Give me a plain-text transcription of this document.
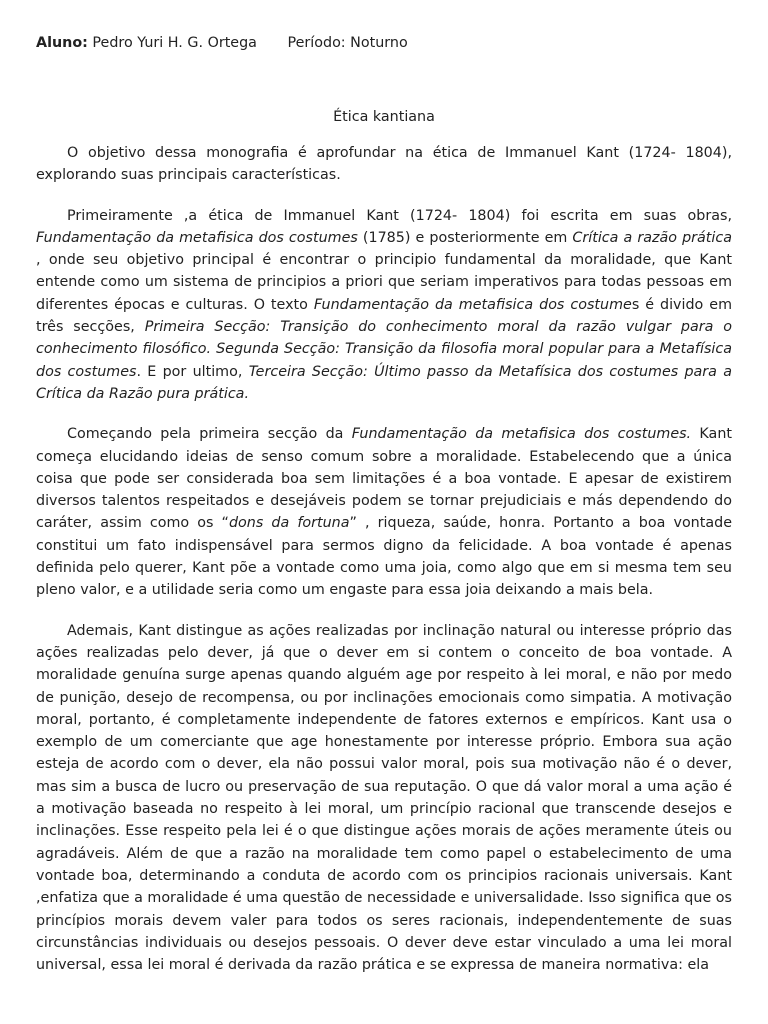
Aluno: Pedro Yuri H. G. Ortega Período: Noturno
Ética kantiana

O objetivo dessa monografia é aprofundar na ética de Immanuel Kant (1724- 1804), explorando suas principais características.

Primeiramente ,a ética de Immanuel Kant (1724- 1804) foi escrita em suas obras, Fundamentação da metafisica dos costumes (1785) e posteriormente em Crítica a razão prática , onde seu objetivo principal é encontrar o principio fundamental da moralidade, que Kant entende como um sistema de principios a priori que seriam imperativos para todas pessoas em diferentes épocas e culturas. O texto Fundamentação da metafisica dos costumes é divido em três secções, Primeira Secção: Transição do conhecimento moral da razão vulgar para o conhecimento filosófico. Segunda Secção: Transição da filosofia moral popular para a Metafísica dos costumes. E por ultimo, Terceira Secção: Último passo da Metafísica dos costumes para a Crítica da Razão pura prática.

Começando pela primeira secção da Fundamentação da metafisica dos costumes. Kant começa elucidando ideias de senso comum sobre a moralidade. Estabelecendo que a única coisa que pode ser considerada boa sem limitações é a boa vontade. E apesar de existirem diversos talentos respeitados e desejáveis podem se tornar prejudiciais e más dependendo do caráter, assim como os “dons da fortuna” , riqueza, saúde, honra. Portanto a boa vontade constitui um fato indispensável para sermos digno da felicidade. A boa vontade é apenas definida pelo querer, Kant põe a vontade como uma joia, como algo que em si mesma tem seu pleno valor, e a utilidade seria como um engaste para essa joia deixando a mais bela.

Ademais, Kant distingue as ações realizadas por inclinação natural ou interesse próprio das ações realizadas pelo dever, já que o dever em si contem o conceito de boa vontade. A moralidade genuína surge apenas quando alguém age por respeito à lei moral, e não por medo de punição, desejo de recompensa, ou por inclinações emocionais como simpatia. A motivação moral, portanto, é completamente independente de fatores externos e empíricos. Kant usa o exemplo de um comerciante que age honestamente por interesse próprio. Embora sua ação esteja de acordo com o dever, ela não possui valor moral, pois sua motivação não é o dever, mas sim a busca de lucro ou preservação de sua reputação. O que dá valor moral a uma ação é a motivação baseada no respeito à lei moral, um princípio racional que transcende desejos e inclinações. Esse respeito pela lei é o que distingue ações morais de ações meramente úteis ou agradáveis. Além de que a razão na moralidade tem como papel o estabelecimento de uma vontade boa, determinando a conduta de acordo com os principios racionais universais. Kant ,enfatiza que a moralidade é uma questão de necessidade e universalidade. Isso significa que os princípios morais devem valer para todos os seres racionais, independentemente de suas circunstâncias individuais ou desejos pessoais. O dever deve estar vinculado a uma lei moral universal, essa lei moral é derivada da razão prática e se expressa de maneira normativa: ela
